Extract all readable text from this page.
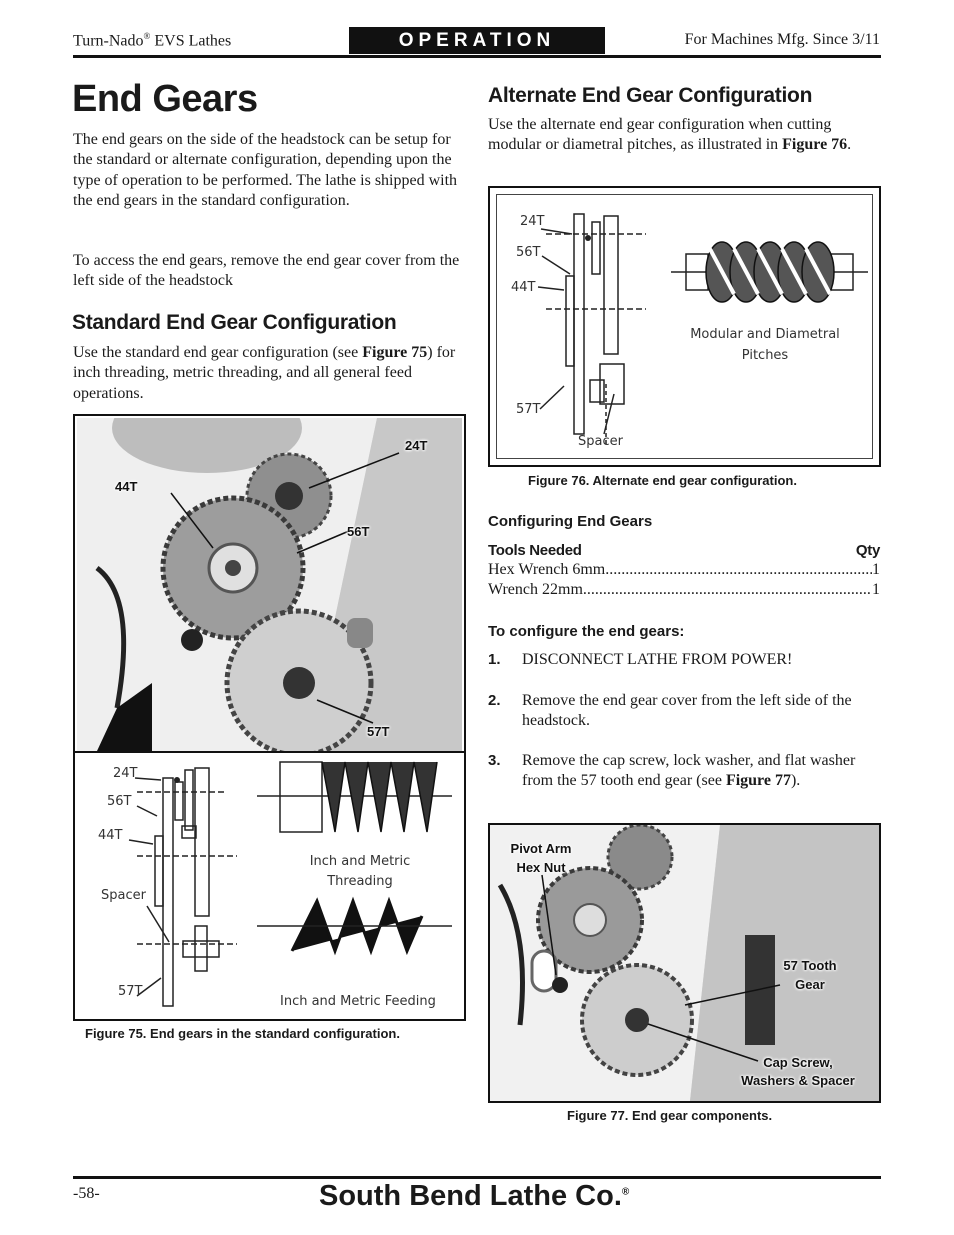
Turn-Nado® EVS Lathes	OPERATION	For Machines Mfg. Since 3/11
End Gears
The end gears on the side of the headstock can be setup for the standard or alternate configuration, depending upon the type of operation to be performed. The lathe is shipped with the end gears in the standard configuration.
To access the end gears, remove the end gear cover from the left side of the headstock
Standard End Gear Configuration
Use the standard end gear configuration (see Figure 75) for inch threading, metric threading, and all general feed operations.
24T
44T
56T
57T
24T
56T
44T
Spacer
57T
Inch and Metric Threading
Inch and Metric Feeding
Figure 75. End gears in the standard configuration.
Alternate End Gear Configuration
Use the alternate end gear configuration when cutting modular or diametral pitches, as illustrated in Figure 76.
24T
56T
44T
57T
Spacer
Modular and Diametral Pitches
Figure 76. Alternate end gear configuration.
Configuring End Gears
Tools Needed	Qty
Hex Wrench 6mm .....	1
Wrench 22mm .....	1
To configure the end gears:
1. DISCONNECT LATHE FROM POWER!
2. Remove the end gear cover from the left side of the headstock.
3. Remove the cap screw, lock washer, and flat washer from the 57 tooth end gear (see Figure 77).
Pivot Arm
Hex Nut
57 Tooth
Gear
Cap Screw,
Washers & Spacer
Figure 77. End gear components.
-58-	South Bend Lathe Co.®
